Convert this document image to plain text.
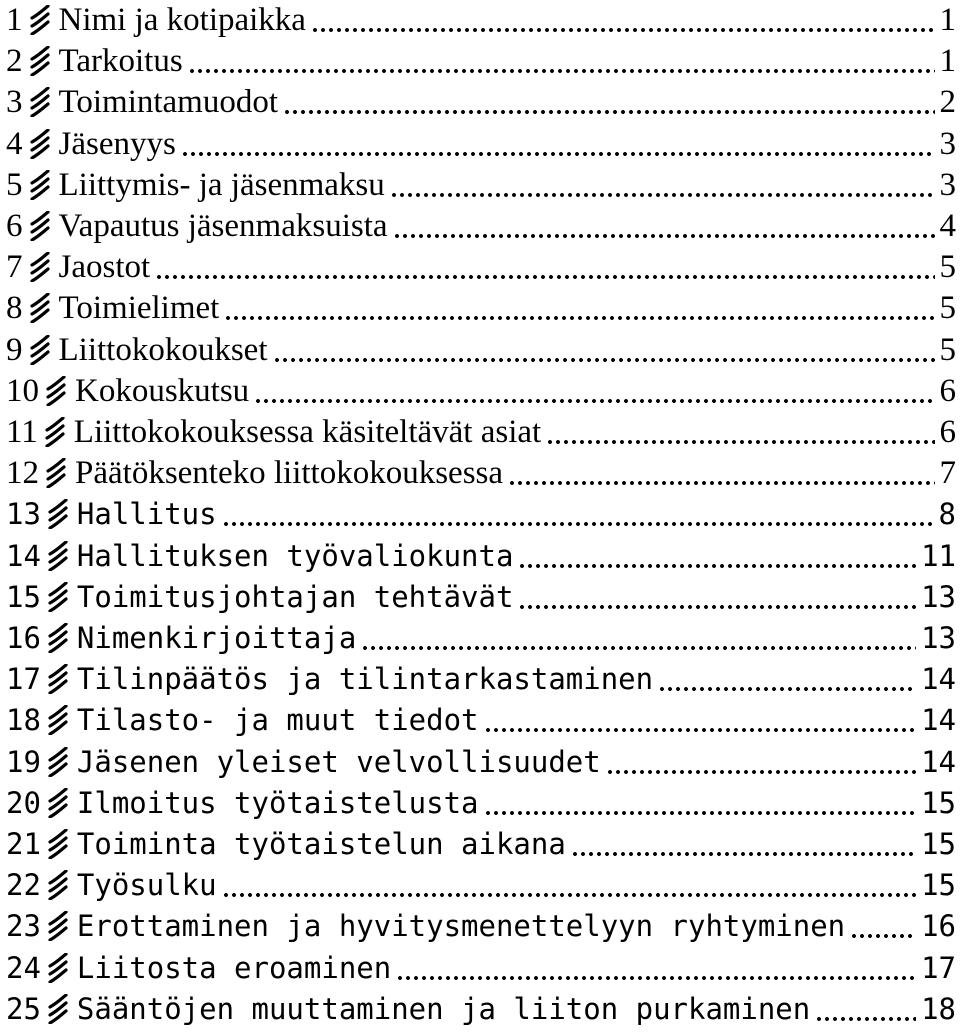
1 Nimi ja kotipaikka	1
2 Tarkoitus	1
3 Toimintamuodot	2
4 Jäsenyys	3
5 Liittymis- ja jäsenmaksu	3
6 Vapautus jäsenmaksuista	4
7 Jaostot	5
8 Toimielimet	5
9 Liittokokoukset	5
10 Kokouskutsu	6
11 Liittokokouksessa käsiteltävät asiat	6
12 Päätöksenteko liittokokouksessa	7
13 Hallitus	8
14 Hallituksen työvaliokunta	11
15 Toimitusjohtajan tehtävät	13
16 Nimenkirjoittaja	13
17 Tilinpäätös ja tilintarkastaminen	14
18 Tilasto- ja muut tiedot	14
19 Jäsenen yleiset velvollisuudet	14
20 Ilmoitus työtaistelusta	15
21 Toiminta työtaistelun aikana	15
22 Työsulku	15
23 Erottaminen ja hyvitysmenettelyyn ryhtyminen	16
24 Liitosta eroaminen	17
25 Sääntöjen muuttaminen ja liiton purkaminen	18
